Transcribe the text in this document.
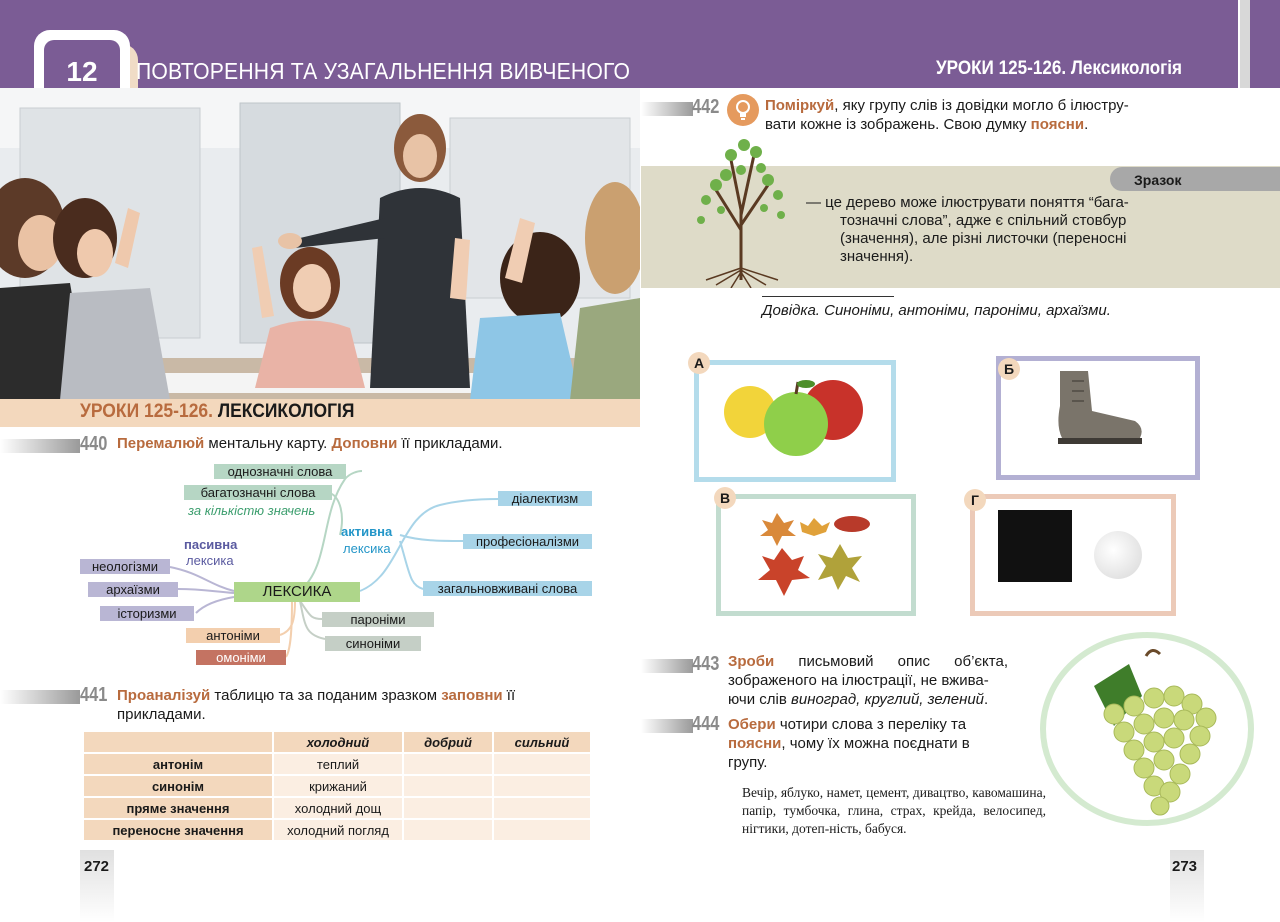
12	ПОВТОРЕННЯ ТА УЗАГАЛЬНЕННЯ ВИВЧЕНОГО	УРОКИ 125-126. Лексикологія
УРОКИ 125-126. ЛЕКСИКОЛОГІЯ
440 Перемалюй ментальну карту. Доповни її прикладами.
однозначні слова
багатозначні слова
за кількістю значень
активна
лексика
пасивна
лексика
діалектизм
професіоналізми
загальновживані слова
неологізми
архаїзми
історизми
ЛЕКСИКА
пароніми
синоніми
антоніми
омоніми
441 Проаналізуй таблицю та за поданим зразком заповни її
прикладами.
	холодний	добрий	сильний
антонім	теплий		
синонім	крижаний		
пряме значення	холодний дощ		
переносне значення	холодний погляд		
272
442	Поміркуй, яку групу слів із довідки могло б ілюстру-
вати кожне із зображень. Свою думку поясни.
Зразок
— це дерево може ілюструвати поняття “бага-
тозначні слова”, адже є спільний стовбур
(значення), але різні листочки (переносні
значення).
Довідка. Синоніми, антоніми, пароніми, архаїзми.
А	Б
В	Г
443 Зроби письмовий опис об’єкта,
зображеного на ілюстрації, не вжива-
ючи слів виноград, круглий, зелений.
444 Обери чотири слова з переліку та
поясни, чому їх можна поєднати в
групу.
Вечір, яблуко, намет, цемент, дивацтво, кавомашина, папір, тумбочка, глина, страх, крейда, велосипед, нігтики, дотеп-ність, бабуся.
273
